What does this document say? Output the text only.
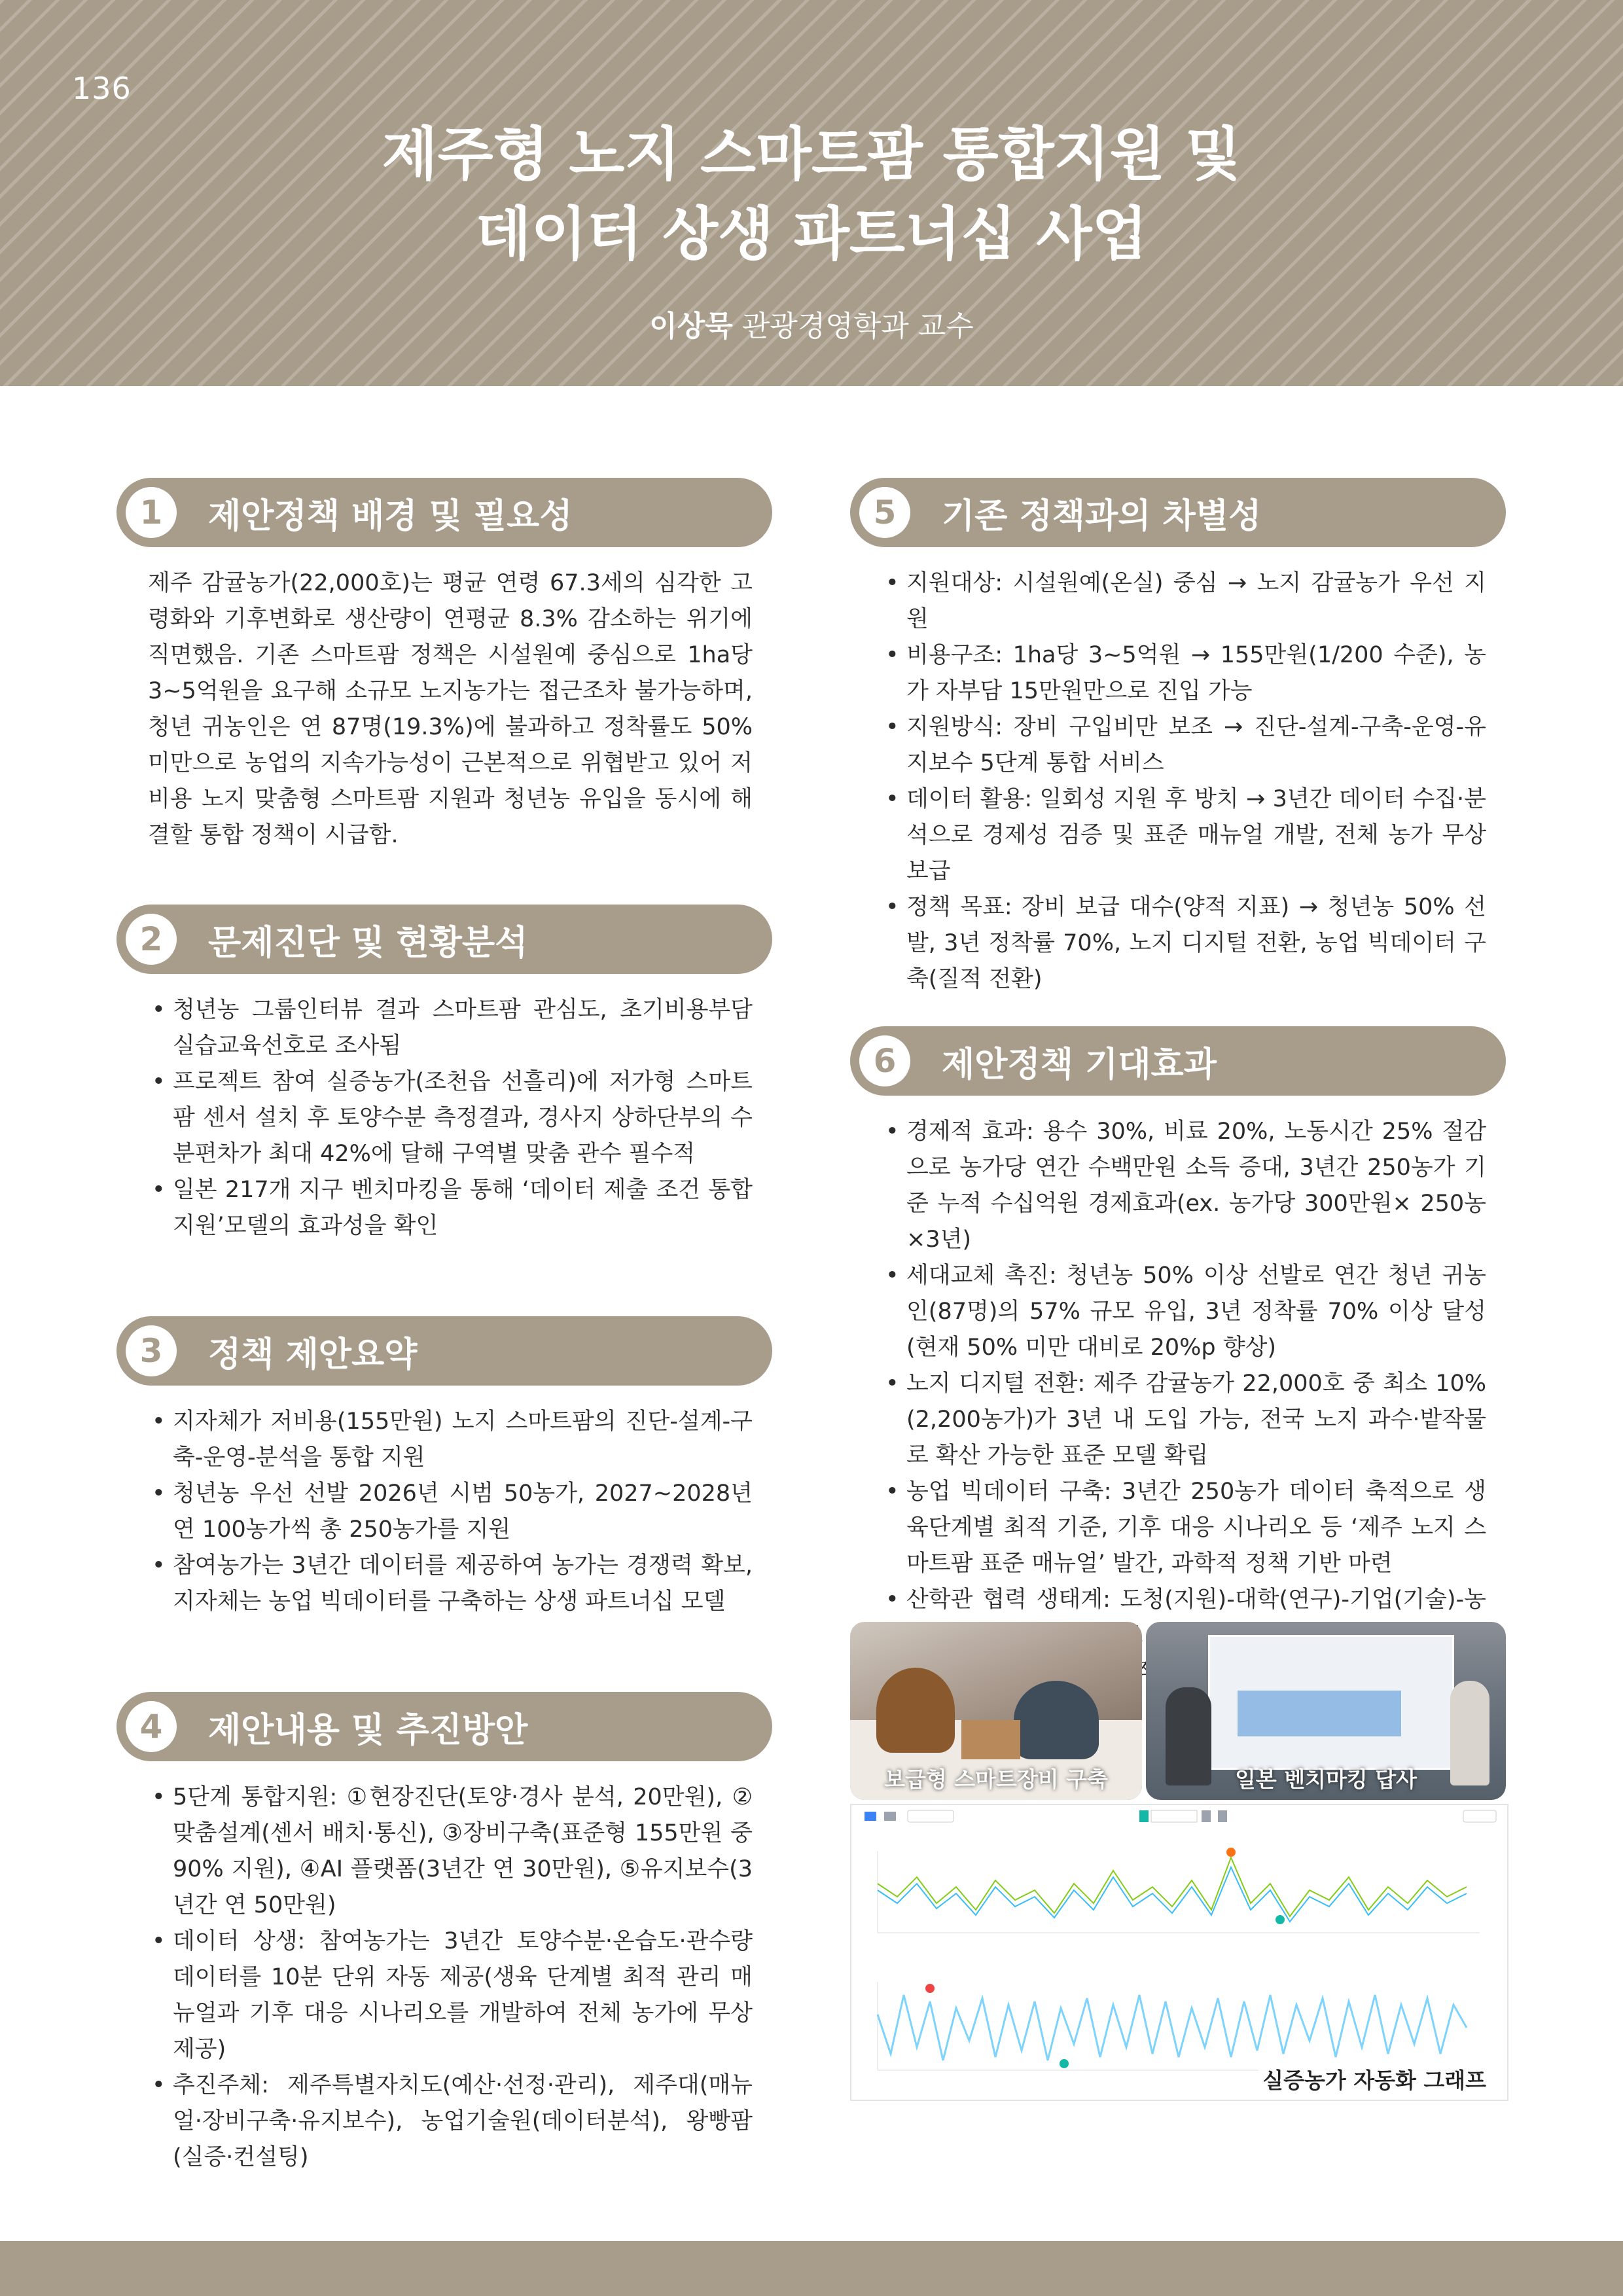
136
제주형 노지 스마트팜 통합지원 및
데이터 상생 파트너십 사업
이상묵 관광경영학과 교수
1	제안정책 배경 및 필요성

제주 감귤농가(22,000호)는 평균 연령 67.3세의 심각한 고령화와 기후변화로 생산량이 연평균 8.3% 감소하는 위기에 직면했음. 기존 스마트팜 정책은 시설원예 중심으로 1ha당 3~5억원을 요구해 소규모 노지농가는 접근조차 불가능하며, 청년 귀농인은 연 87명(19.3%)에 불과하고 정착률도 50% 미만으로 농업의 지속가능성이 근본적으로 위협받고 있어 저비용 노지 맞춤형 스마트팜 지원과 청년농 유입을 동시에 해결할 통합 정책이 시급함.

2	문제진단 및 현황분석
• 청년농 그룹인터뷰 결과 스마트팜 관심도, 초기비용부담 실습교육선호로 조사됨
• 프로젝트 참여 실증농가(조천읍 선흘리)에 저가형 스마트팜 센서 설치 후 토양수분 측정결과, 경사지 상하단부의 수분편차가 최대 42%에 달해 구역별 맞춤 관수 필수적
• 일본 217개 지구 벤치마킹을 통해 ‘데이터 제출 조건 통합지원’모델의 효과성을 확인
3	정책 제안요약
• 지자체가 저비용(155만원) 노지 스마트팜의 진단-설계-구축-운영-분석을 통합 지원
• 청년농 우선 선발 2026년 시범 50농가, 2027~2028년 연 100농가씩 총 250농가를 지원
• 참여농가는 3년간 데이터를 제공하여 농가는 경쟁력 확보, 지자체는 농업 빅데이터를 구축하는 상생 파트너십 모델
4	제안내용 및 추진방안
• 5단계 통합지원: ①현장진단(토양·경사 분석, 20만원), ②맞춤설계(센서 배치·통신), ③장비구축(표준형 155만원 중 90% 지원), ④AI 플랫폼(3년간 연 30만원), ⑤유지보수(3년간 연 50만원)
• 데이터 상생: 참여농가는 3년간 토양수분·온습도·관수량 데이터를 10분 단위 자동 제공(생육 단계별 최적 관리 매뉴얼과 기후 대응 시나리오를 개발하여 전체 농가에 무상 제공)
• 추진주체: 제주특별자치도(예산·선정·관리), 제주대(매뉴얼·장비구축·유지보수), 농업기술원(데이터분석), 왕빵팜(실증·컨설팅)
5	기존 정책과의 차별성
• 지원대상: 시설원예(온실) 중심 → 노지 감귤농가 우선 지원
• 비용구조: 1ha당 3~5억원 → 155만원(1/200 수준), 농가 자부담 15만원만으로 진입 가능
• 지원방식: 장비 구입비만 보조 → 진단-설계-구축-운영-유지보수 5단계 통합 서비스
• 데이터 활용: 일회성 지원 후 방치 → 3년간 데이터 수집·분석으로 경제성 검증 및 표준 매뉴얼 개발, 전체 농가 무상 보급
• 정책 목표: 장비 보급 대수(양적 지표) → 청년농 50% 선발, 3년 정착률 70%, 노지 디지털 전환, 농업 빅데이터 구축(질적 전환)
6	제안정책 기대효과
• 경제적 효과: 용수 30%, 비료 20%, 노동시간 25% 절감으로 농가당 연간 수백만원 소득 증대, 3년간 250농가 기준 누적 수십억원 경제효과(ex. 농가당 300만원× 250농×3년)
• 세대교체 촉진: 청년농 50% 이상 선발로 연간 청년 귀농인(87명)의 57% 규모 유입, 3년 정착률 70% 이상 달성(현재 50% 미만 대비로 20%p 향상)
• 노지 디지털 전환: 제주 감귤농가 22,000호 중 최소 10%(2,200농가)가 3년 내 도입 가능, 전국 노지 과수·밭작물로 확산 가능한 표준 모델 확립
• 농업 빅데이터 구축: 3년간 250농가 데이터 축적으로 생육단계별 최적 기준, 기후 대응 시나리오 등 ‘제주 노지 스마트팜 표준 매뉴얼’ 발간, 과학적 정책 기반 마련
• 산학관 협력 생태계: 도청(지원)-대학(연구)-기업(기술)-농
보급형 스마트장비 구축	일본 벤치마킹 답사
실증농가 자동화 그래프
